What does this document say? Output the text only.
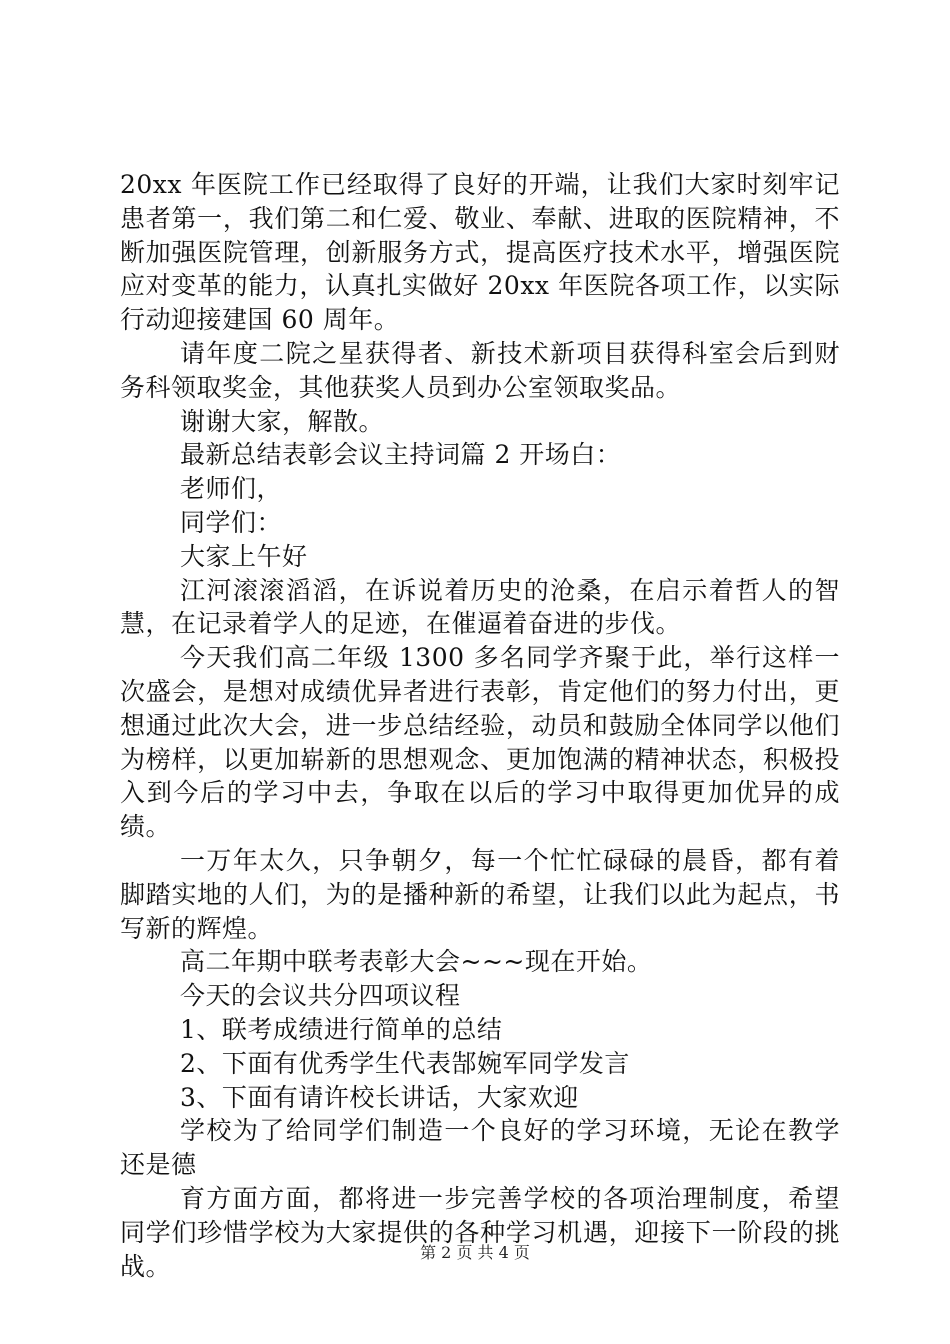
20xx 年医院工作已经取得了良好的开端，让我们大家时刻牢记患者第一，我们第二和仁爱、敬业、奉献、进取的医院精神，不断加强医院管理，创新服务方式，提高医疗技术水平，增强医院应对变革的能力，认真扎实做好 20xx 年医院各项工作，以实际行动迎接建国 60 周年。

请年度二院之星获得者、新技术新项目获得科室会后到财务科领取奖金，其他获奖人员到办公室领取奖品。

谢谢大家，解散。

最新总结表彰会议主持词篇 2 开场白：

老师们，

同学们：

大家上午好

江河滚滚滔滔，在诉说着历史的沧桑，在启示着哲人的智慧，在记录着学人的足迹，在催逼着奋进的步伐。

今天我们高二年级 1300 多名同学齐聚于此，举行这样一次盛会，是想对成绩优异者进行表彰，肯定他们的努力付出，更想通过此次大会，进一步总结经验，动员和鼓励全体同学以他们为榜样，以更加崭新的思想观念、更加饱满的精神状态，积极投入到今后的学习中去，争取在以后的学习中取得更加优异的成绩。

一万年太久，只争朝夕，每一个忙忙碌碌的晨昏，都有着脚踏实地的人们，为的是播种新的希望，让我们以此为起点，书写新的辉煌。

高二年期中联考表彰大会~~~现在开始。

今天的会议共分四项议程

1、联考成绩进行简单的总结

2、下面有优秀学生代表郜婉军同学发言

3、下面有请许校长讲话，大家欢迎

学校为了给同学们制造一个良好的学习环境，无论在教学还是德

育方面方面，都将进一步完善学校的各项治理制度，希望同学们珍惜学校为大家提供的各种学习机遇，迎接下一阶段的挑战。	第 2 页 共 4 页
